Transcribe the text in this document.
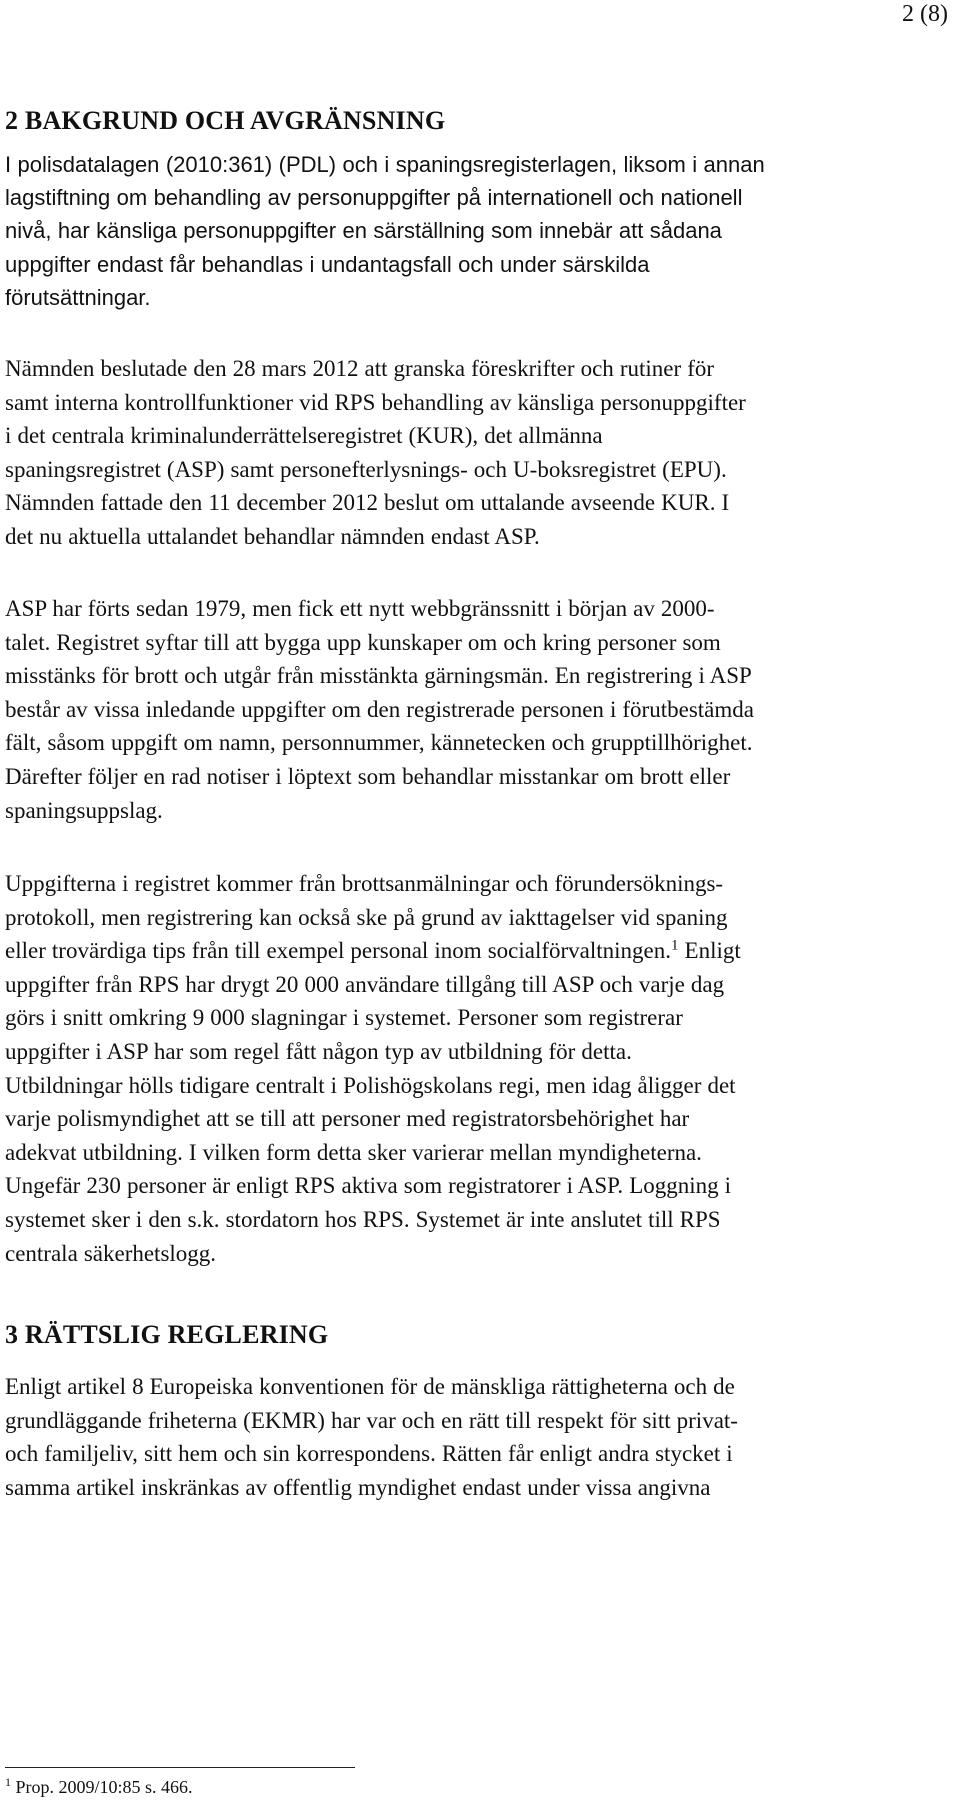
2 (8)
2 BAKGRUND OCH AVGRÄNSNING
I polisdatalagen (2010:361) (PDL) och i spaningsregisterlagen, liksom i annan
lagstiftning om behandling av personuppgifter på internationell och nationell
nivå, har känsliga personuppgifter en särställning som innebär att sådana
uppgifter endast får behandlas i undantagsfall och under särskilda
förutsättningar.
Nämnden beslutade den 28 mars 2012 att granska föreskrifter och rutiner för
samt interna kontrollfunktioner vid RPS behandling av känsliga personuppgifter
i det centrala kriminalunderrättelseregistret (KUR), det allmänna
spaningsregistret (ASP) samt personefterlysnings- och U-boksregistret (EPU).
Nämnden fattade den 11 december 2012 beslut om uttalande avseende KUR. I
det nu aktuella uttalandet behandlar nämnden endast ASP.
ASP har förts sedan 1979, men fick ett nytt webbgränssnitt i början av 2000-
talet. Registret syftar till att bygga upp kunskaper om och kring personer som
misstänks för brott och utgår från misstänkta gärningsmän. En registrering i ASP
består av vissa inledande uppgifter om den registrerade personen i förutbestämda
fält, såsom uppgift om namn, personnummer, kännetecken och grupptillhörighet.
Därefter följer en rad notiser i löptext som behandlar misstankar om brott eller
spaningsuppslag.
Uppgifterna i registret kommer från brottsanmälningar och förundersöknings-
protokoll, men registrering kan också ske på grund av iakttagelser vid spaning
eller trovärdiga tips från till exempel personal inom socialförvaltningen.$^1$ Enligt
uppgifter från RPS har drygt 20 000 användare tillgång till ASP och varje dag
görs i snitt omkring 9 000 slagningar i systemet. Personer som registrerar
uppgifter i ASP har som regel fått någon typ av utbildning för detta.
Utbildningar hölls tidigare centralt i Polishögskolans regi, men idag åligger det
varje polismyndighet att se till att personer med registratorsbehörighet har
adekvat utbildning. I vilken form detta sker varierar mellan myndigheterna.
Ungefär 230 personer är enligt RPS aktiva som registratorer i ASP. Loggning i
systemet sker i den s.k. stordatorn hos RPS. Systemet är inte anslutet till RPS
centrala säkerhetslogg.
3 RÄTTSLIG REGLERING
Enligt artikel 8 Europeiska konventionen för de mänskliga rättigheterna och de
grundläggande friheterna (EKMR) har var och en rätt till respekt för sitt privat-
och familjeliv, sitt hem och sin korrespondens. Rätten får enligt andra stycket i
samma artikel inskränkas av offentlig myndighet endast under vissa angivna
$^1$ Prop. 2009/10:85 s. 466.
